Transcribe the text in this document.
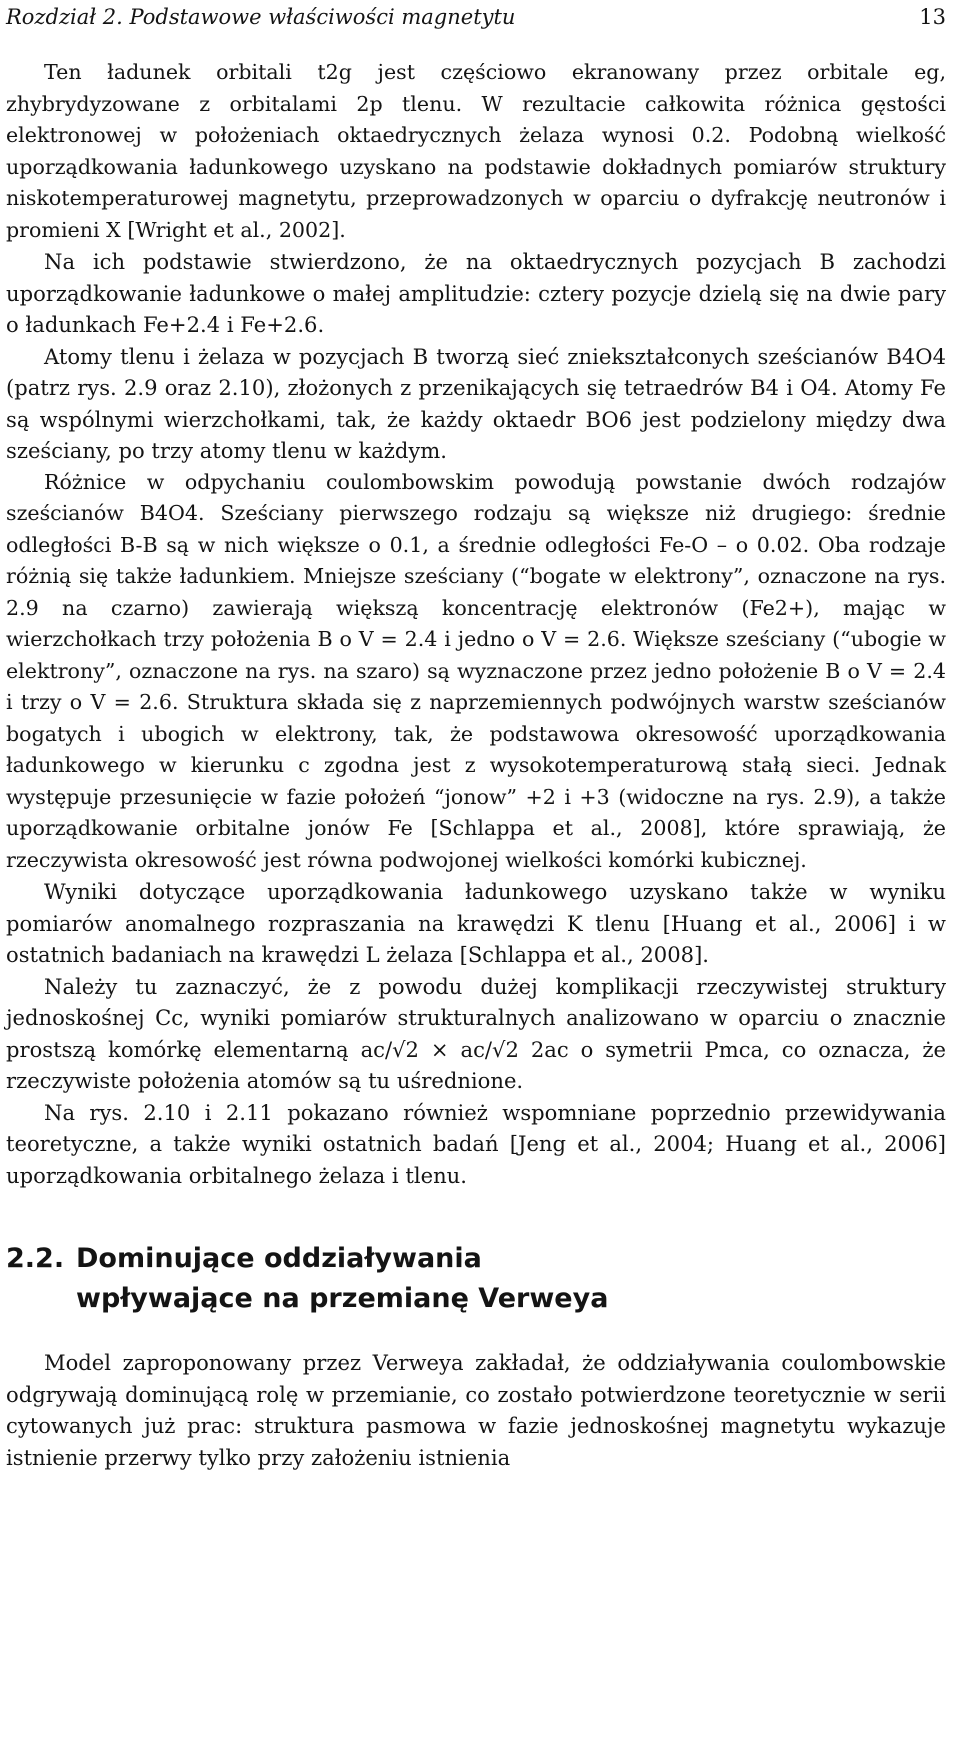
Rozdział 2. Podstawowe właściwości magnetytu	13

Ten ładunek orbitali t2g jest częściowo ekranowany przez orbitale eg, zhybrydyzowane z orbitalami 2p tlenu. W rezultacie całkowita różnica gęstości elektronowej w położeniach oktaedrycznych żelaza wynosi 0.2. Podobną wielkość uporządkowania ładunkowego uzyskano na podstawie dokładnych pomiarów struktury niskotemperaturowej magnetytu, przeprowadzonych w oparciu o dyfrakcję neutronów i promieni X [Wright et al., 2002].

Na ich podstawie stwierdzono, że na oktaedrycznych pozycjach B zachodzi uporządkowanie ładunkowe o małej amplitudzie: cztery pozycje dzielą się na dwie pary o ładunkach Fe+2.4 i Fe+2.6.

Atomy tlenu i żelaza w pozycjach B tworzą sieć zniekształconych sześcianów B4O4 (patrz rys. 2.9 oraz 2.10), złożonych z przenikających się tetraedrów B4 i O4. Atomy Fe są wspólnymi wierzchołkami, tak, że każdy oktaedr BO6 jest podzielony między dwa sześciany, po trzy atomy tlenu w każdym.

Różnice w odpychaniu coulombowskim powodują powstanie dwóch rodzajów sześcianów B4O4. Sześciany pierwszego rodzaju są większe niż drugiego: średnie odległości B-B są w nich większe o 0.1, a średnie odległości Fe-O – o 0.02. Oba rodzaje różnią się także ładunkiem. Mniejsze sześciany (“bogate w elektrony”, oznaczone na rys. 2.9 na czarno) zawierają większą koncentrację elektronów (Fe2+), mając w wierzchołkach trzy położenia B o V = 2.4 i jedno o V = 2.6. Większe sześciany (“ubogie w elektrony”, oznaczone na rys. na szaro) są wyznaczone przez jedno położenie B o V = 2.4 i trzy o V = 2.6. Struktura składa się z naprzemiennych podwójnych warstw sześcianów bogatych i ubogich w elektrony, tak, że podstawowa okresowość uporządkowania ładunkowego w kierunku c zgodna jest z wysokotemperaturową stałą sieci. Jednak występuje przesunięcie w fazie położeń “jonow” +2 i +3 (widoczne na rys. 2.9), a także uporządkowanie orbitalne jonów Fe [Schlappa et al., 2008], które sprawiają, że rzeczywista okresowość jest równa podwojonej wielkości komórki kubicznej.

Wyniki dotyczące uporządkowania ładunkowego uzyskano także w wyniku pomiarów anomalnego rozpraszania na krawędzi K tlenu [Huang et al., 2006] i w ostatnich badaniach na krawędzi L żelaza [Schlappa et al., 2008].

Należy tu zaznaczyć, że z powodu dużej komplikacji rzeczywistej struktury jednoskośnej Cc, wyniki pomiarów strukturalnych analizowano w oparciu o znacznie prostszą komórkę elementarną ac/√2 × ac/√2 2ac o symetrii Pmca, co oznacza, że rzeczywiste położenia atomów są tu uśrednione.

Na rys. 2.10 i 2.11 pokazano również wspomniane poprzednio przewidywania teoretyczne, a także wyniki ostatnich badań [Jeng et al., 2004; Huang et al., 2006] uporządkowania orbitalnego żelaza i tlenu.

2.2. Dominujące oddziaływania wpływające na przemianę Verweya

Model zaproponowany przez Verweya zakładał, że oddziaływania coulombowskie odgrywają dominującą rolę w przemianie, co zostało potwierdzone teoretycznie w serii cytowanych już prac: struktura pasmowa w fazie jednoskośnej magnetytu wykazuje istnienie przerwy tylko przy założeniu istnienia
